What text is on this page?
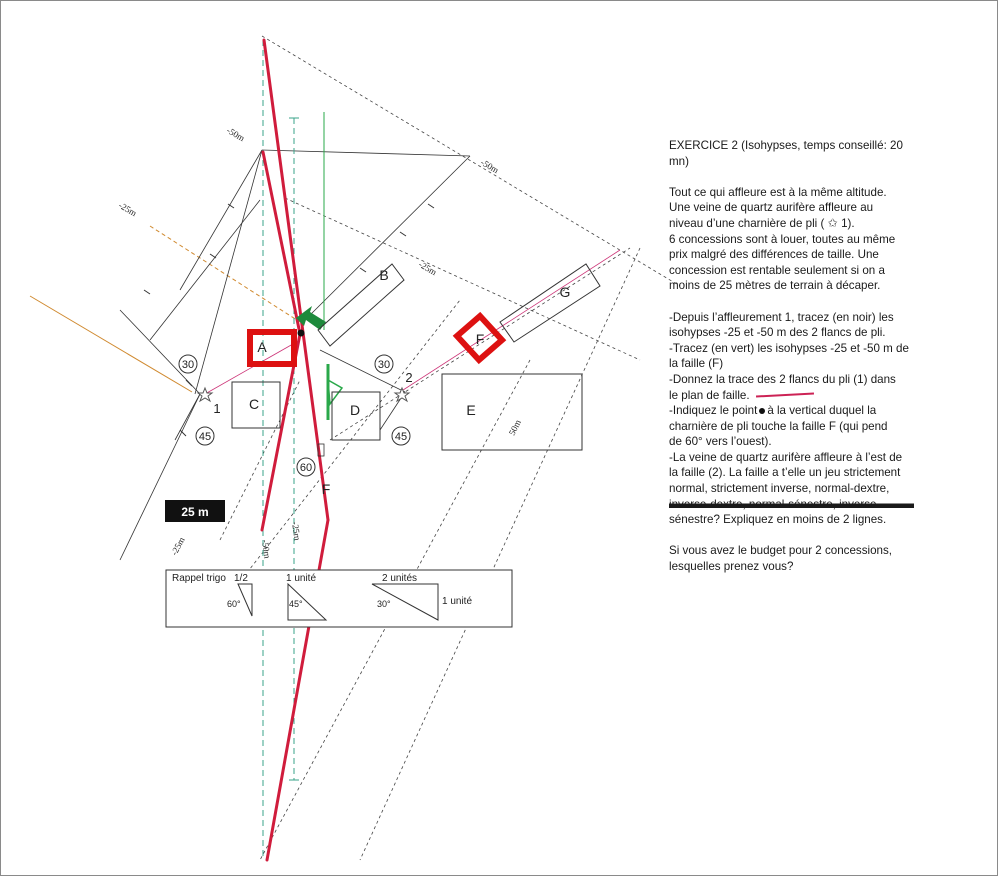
30
45
30
45
60
A
B
C	D	E
F
G
F
1
2
-50m
-25m
-50m
-25m
50m
-25m	-50m
-25m
25 m
Rappel trigo 1/2
60°
1 unité
45°
2 unités
30°	1 unité

EXERCICE 2 (Isohypses, temps conseillé: 20
mn)

Tout ce qui affleure est à la même altitude.
Une veine de quartz aurifère affleure au
niveau d’une charnière de pli ( ✩ 1).
6 concessions sont à louer, toutes au même
prix malgré des différences de taille. Une
concession est rentable seulement si on a
moins de 25 mètres de terrain à décaper.

-Depuis l’affleurement 1, tracez (en noir) les
isohypses -25 et -50 m des 2 flancs de pli.
-Tracez (en vert) les isohypses -25 et -50 m de
la faille (F)
-Donnez la trace des 2 flancs du pli (1) dans
le plan de faille.
-Indiquez le point à la vertical duquel la
charnière de pli touche la faille F (qui pend
de 60° vers l’ouest).
-La veine de quartz aurifère affleure à l’est de
la faille (2). La faille a t’elle un jeu strictement
normal, strictement inverse, normal-dextre,
inverse-dextre, normal-sénestre, inverse-
sénestre? Expliquez en moins de 2 lignes.

Si vous avez le budget pour 2 concessions,
lesquelles prenez vous?
